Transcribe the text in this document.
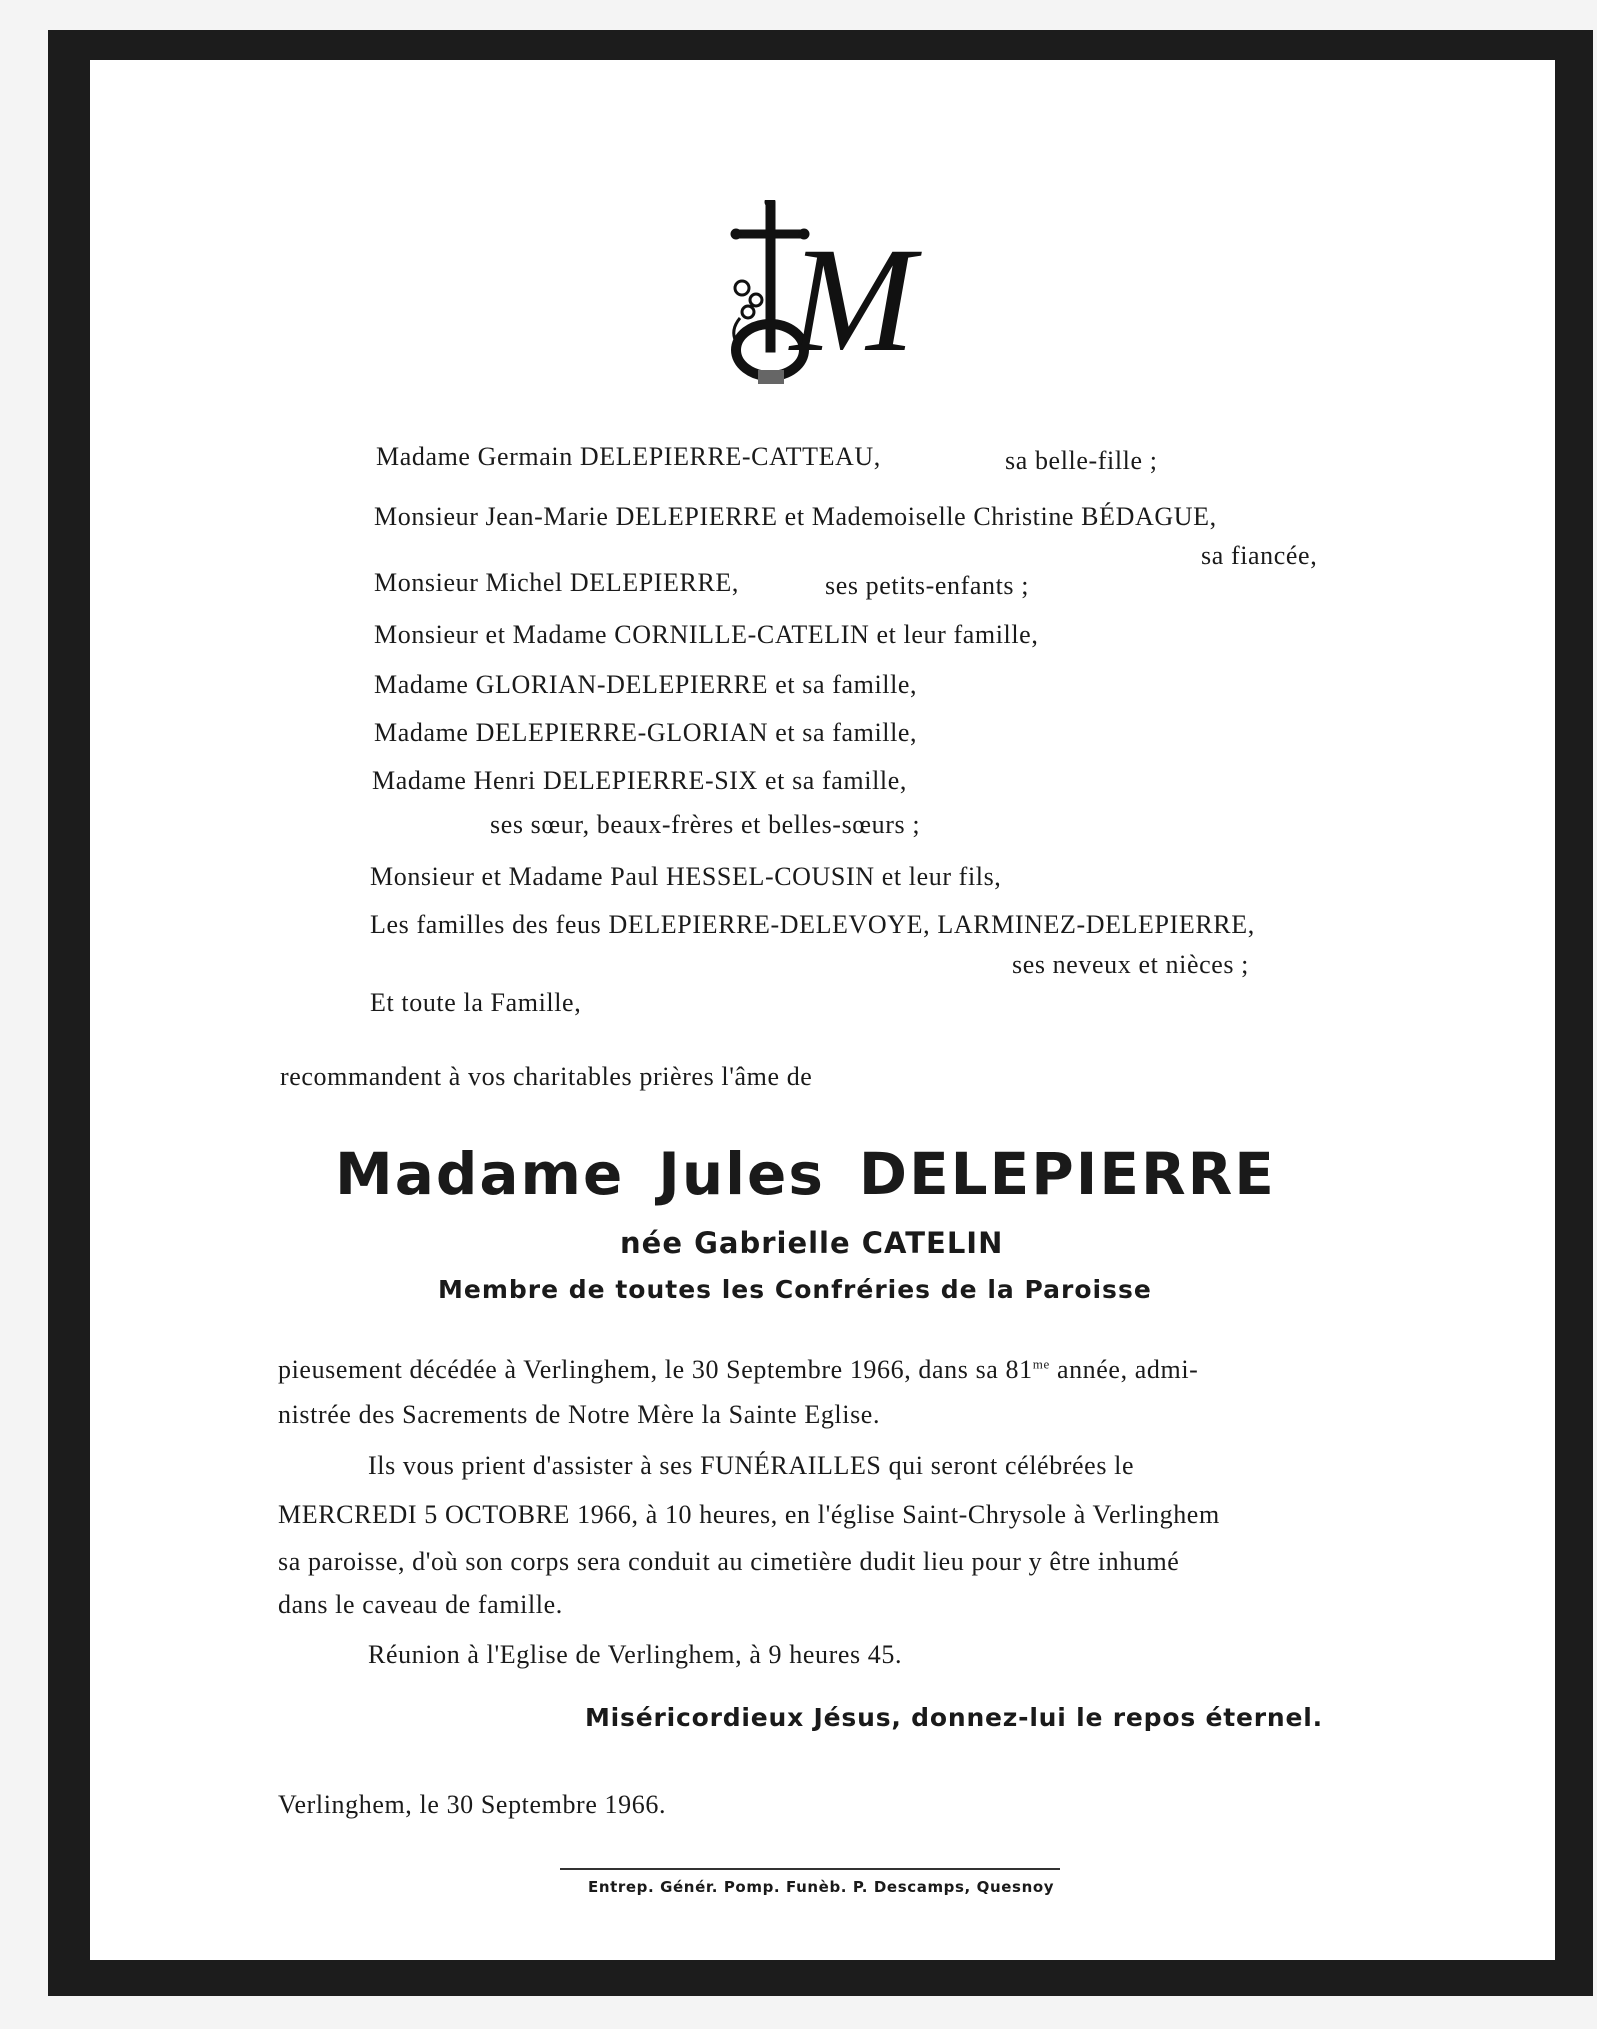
M
Madame Germain DELEPIERRE-CATTEAU,	sa belle-fille ;
Monsieur Jean-Marie DELEPIERRE et Mademoiselle Christine BÉDAGUE,
sa fiancée,
Monsieur Michel DELEPIERRE,	ses petits-enfants ;
Monsieur et Madame CORNILLE-CATELIN et leur famille,
Madame GLORIAN-DELEPIERRE et sa famille,
Madame DELEPIERRE-GLORIAN et sa famille,
Madame Henri DELEPIERRE-SIX et sa famille,
ses sœur, beaux-frères et belles-sœurs ;
Monsieur et Madame Paul HESSEL-COUSIN et leur fils,
Les familles des feus DELEPIERRE-DELEVOYE, LARMINEZ-DELEPIERRE,
ses neveux et nièces ;
Et toute la Famille,
recommandent à vos charitables prières l'âme de
Madame Jules DELEPIERRE
née Gabrielle CATELIN
Membre de toutes les Confréries de la Paroisse
pieusement décédée à Verlinghem, le 30 Septembre 1966, dans sa $81^{me}$ année, admi-
nistrée des Sacrements de Notre Mère la Sainte Eglise.
Ils vous prient d'assister à ses FUNÉRAILLES qui seront célébrées le
MERCREDI 5 OCTOBRE 1966, à 10 heures, en l'église Saint-Chrysole à Verlinghem
sa paroisse, d'où son corps sera conduit au cimetière dudit lieu pour y être inhumé
dans le caveau de famille.
Réunion à l'Eglise de Verlinghem, à 9 heures 45.
Miséricordieux Jésus, donnez-lui le repos éternel.
Verlinghem, le 30 Septembre 1966.
Entrep. Génér. Pomp. Funèb. P. Descamps, Quesnoy
